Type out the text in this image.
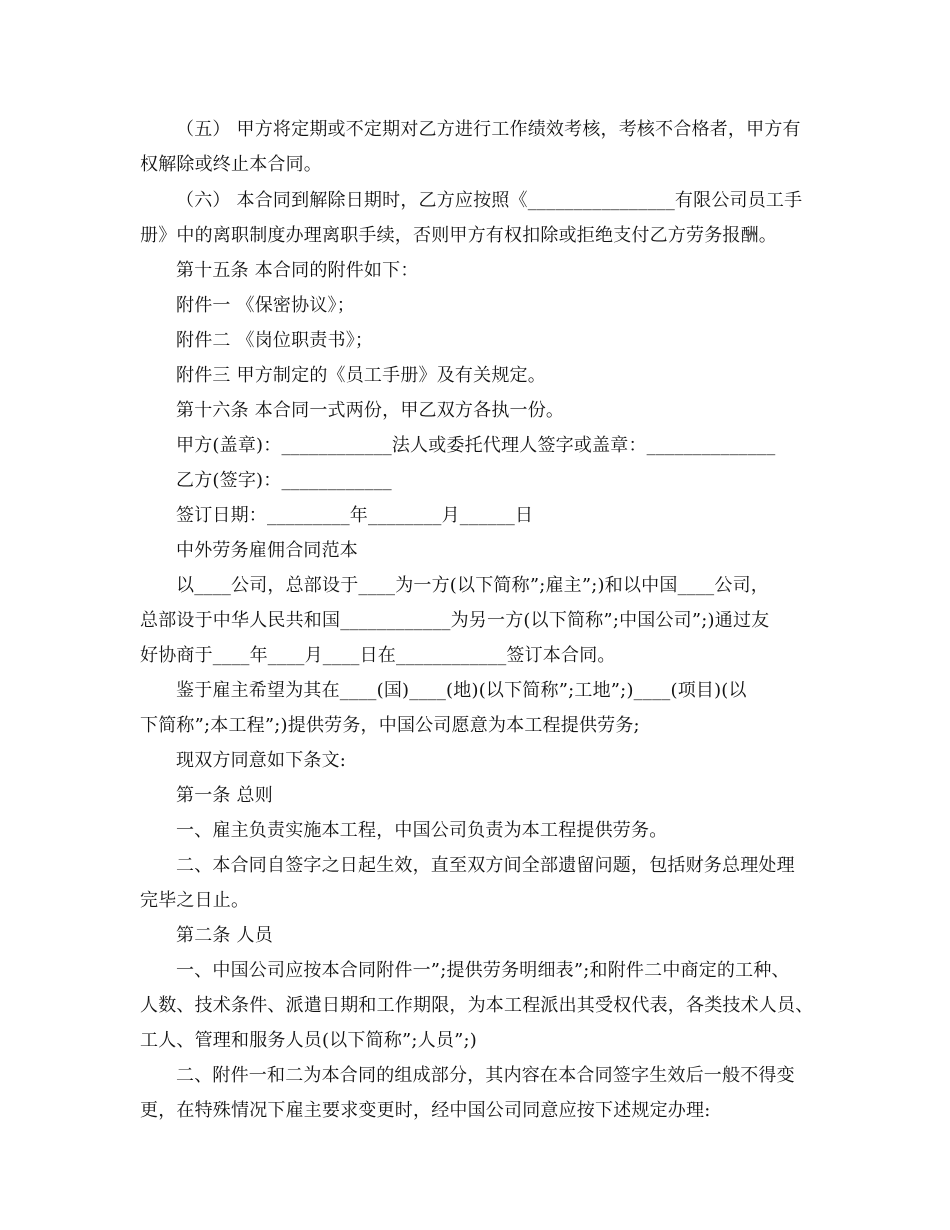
（五） 甲方将定期或不定期对乙方进行工作绩效考核，考核不合格者，甲方有
权解除或终止本合同。
（六） 本合同到解除日期时，乙方应按照《________________有限公司员工手
册》中的离职制度办理离职手续，否则甲方有权扣除或拒绝支付乙方劳务报酬。
第十五条 本合同的附件如下：
附件一 《保密协议》；
附件二 《岗位职责书》；
附件三 甲方制定的《员工手册》及有关规定。
第十六条 本合同一式两份，甲乙双方各执一份。
甲方(盖章)：____________法人或委托代理人签字或盖章：______________
乙方(签字)：____________
签订日期：_________年________月______日
中外劳务雇佣合同范本
以____公司，总部设于____为一方(以下简称”;雇主”;)和以中国____公司，
总部设于中华人民共和国____________为另一方(以下简称”;中国公司”;)通过友
好协商于____年____月____日在____________签订本合同。
鉴于雇主希望为其在____(国)____(地)(以下简称”;工地”;)____(项目)(以
下简称”;本工程”;)提供劳务，中国公司愿意为本工程提供劳务;
现双方同意如下条文:
第一条 总则
一、雇主负责实施本工程，中国公司负责为本工程提供劳务。
二、本合同自签字之日起生效，直至双方间全部遗留问题，包括财务总理处理
完毕之日止。
第二条 人员
一、中国公司应按本合同附件一”;提供劳务明细表”;和附件二中商定的工种、
人数、技术条件、派遣日期和工作期限，为本工程派出其受权代表，各类技术人员、
工人、管理和服务人员(以下简称”;人员”;)
二、附件一和二为本合同的组成部分，其内容在本合同签字生效后一般不得变
更，在特殊情况下雇主要求变更时，经中国公司同意应按下述规定办理:
